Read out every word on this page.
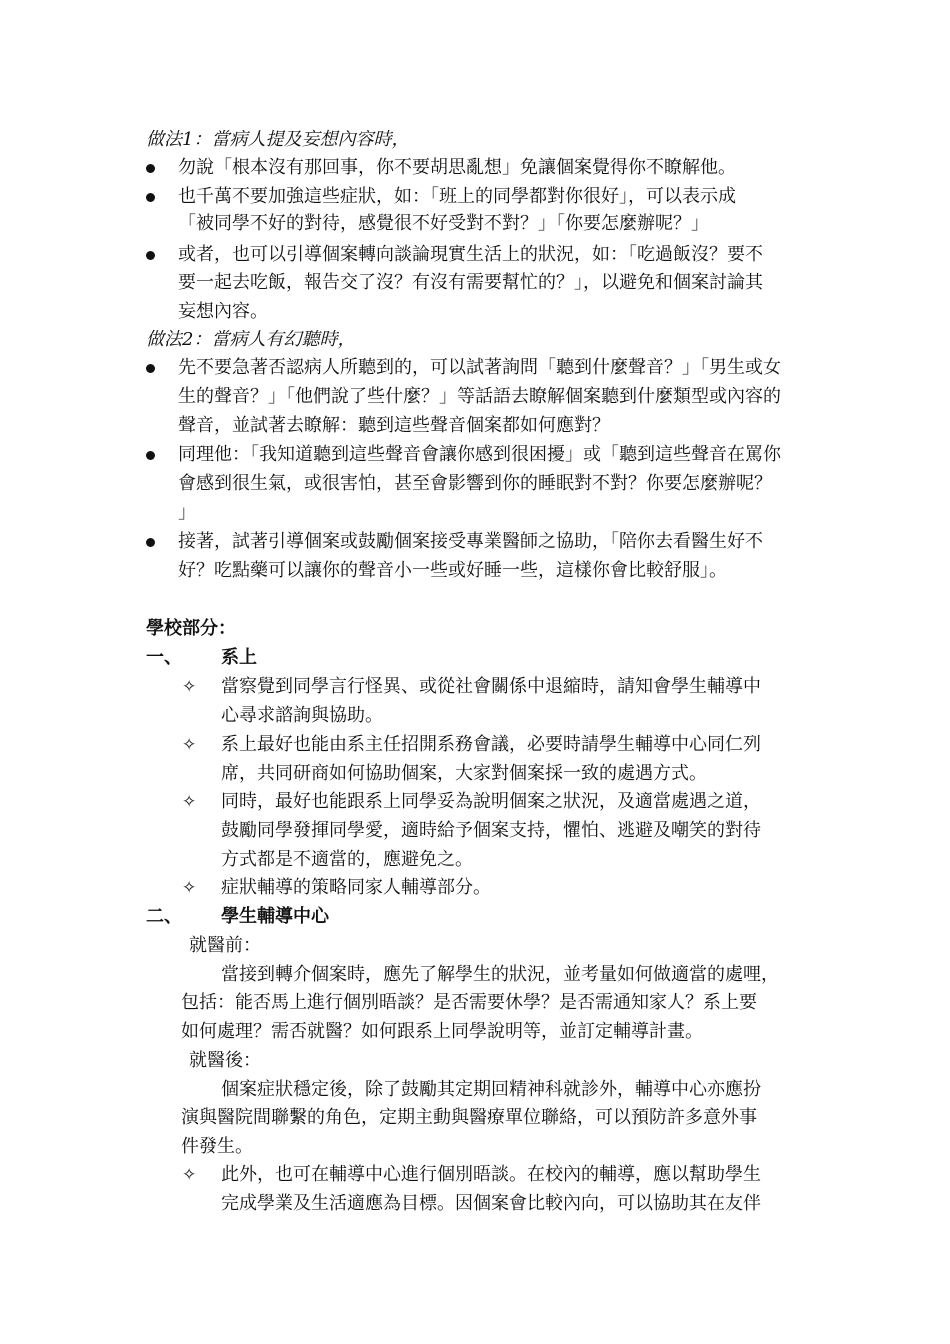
做法1：當病人提及妄想內容時，
勿說「根本沒有那回事，你不要胡思亂想」免讓個案覺得你不瞭解他。
也千萬不要加強這些症狀，如：「班上的同學都對你很好」，可以表示成
「被同學不好的對待，感覺很不好受對不對？」「你要怎麼辦呢？」
或者，也可以引導個案轉向談論現實生活上的狀況，如：「吃過飯沒？要不
要一起去吃飯，報告交了沒？有沒有需要幫忙的？」，以避免和個案討論其
妄想內容。
做法2：當病人有幻聽時，
先不要急著否認病人所聽到的，可以試著詢問「聽到什麼聲音？」「男生或女
生的聲音？」「他們說了些什麼？」等話語去瞭解個案聽到什麼類型或內容的
聲音，並試著去瞭解：聽到這些聲音個案都如何應對？
同理他：「我知道聽到這些聲音會讓你感到很困擾」或「聽到這些聲音在罵你
會感到很生氣，或很害怕，甚至會影響到你的睡眠對不對？你要怎麼辦呢？
」
接著，試著引導個案或鼓勵個案接受專業醫師之協助，「陪你去看醫生好不
好？吃點藥可以讓你的聲音小一些或好睡一些，這樣你會比較舒服」。
學校部分：
一、 系上
✧ 當察覺到同學言行怪異、或從社會關係中退縮時，請知會學生輔導中
心尋求諮詢與協助。
✧ 系上最好也能由系主任招開系務會議，必要時請學生輔導中心同仁列
席，共同研商如何協助個案，大家對個案採一致的處遇方式。
✧ 同時，最好也能跟系上同學妥為說明個案之狀況，及適當處遇之道，
鼓勵同學發揮同學愛，適時給予個案支持，懼怕、逃避及嘲笑的對待
方式都是不適當的，應避免之。
✧ 症狀輔導的策略同家人輔導部分。
二、 學生輔導中心
就醫前：
當接到轉介個案時，應先了解學生的狀況，並考量如何做適當的處哩，
包括：能否馬上進行個別晤談？是否需要休學？是否需通知家人？系上要
如何處理？需否就醫？如何跟系上同學說明等，並訂定輔導計畫。
就醫後：
個案症狀穩定後，除了鼓勵其定期回精神科就診外，輔導中心亦應扮
演與醫院間聯繫的角色，定期主動與醫療單位聯絡，可以預防許多意外事
件發生。
✧ 此外，也可在輔導中心進行個別晤談。在校內的輔導，應以幫助學生
完成學業及生活適應為目標。因個案會比較內向，可以協助其在友伴
